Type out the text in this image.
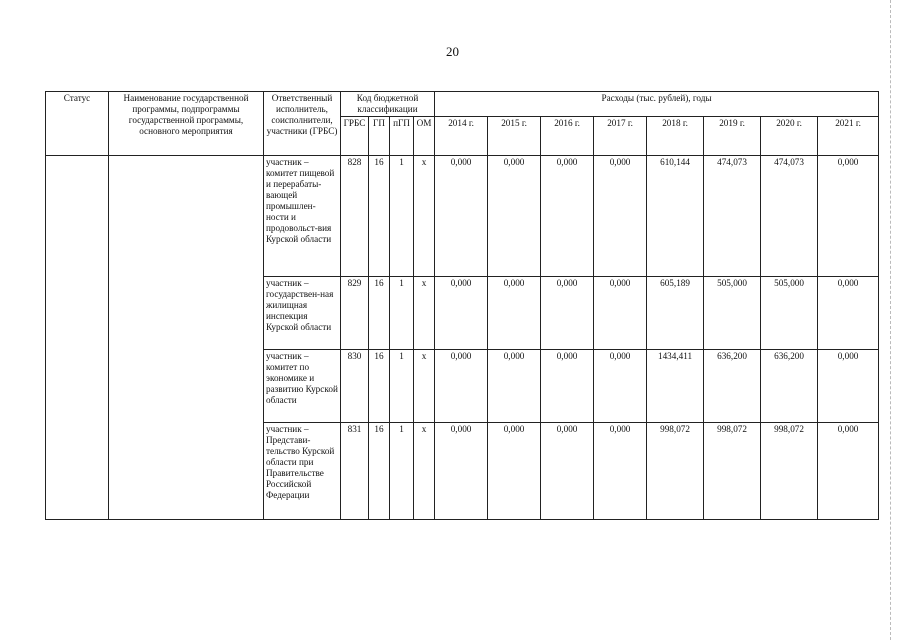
20
Статус	Наименование государственной программы, подпрограммы государственной программы, основного мероприятия	Ответственный исполнитель, соисполнители, участники (ГРБС)	Код бюджетной классификации				Расходы (тыс. рублей), годы							
			ГРБС	ГП	пГП	ОМ	2014 г.	2015 г.	2016 г.	2017 г.	2018 г.	2019 г.	2020 г.	2021 г.
		участник – комитет пищевой и перерабаты-вающей промышлен-ности и продовольст-вия Курской области	828	16	1	х	0,000	0,000	0,000	0,000	610,144	474,073	474,073	0,000
		участник – государствен-ная жилищная инспекция Курской области	829	16	1	х	0,000	0,000	0,000	0,000	605,189	505,000	505,000	0,000
		участник – комитет по экономике и развитию Курской области	830	16	1	х	0,000	0,000	0,000	0,000	1434,411	636,200	636,200	0,000
		участник – Представи-тельство Курской области при Правительстве Российской Федерации	831	16	1	х	0,000	0,000	0,000	0,000	998,072	998,072	998,072	0,000
